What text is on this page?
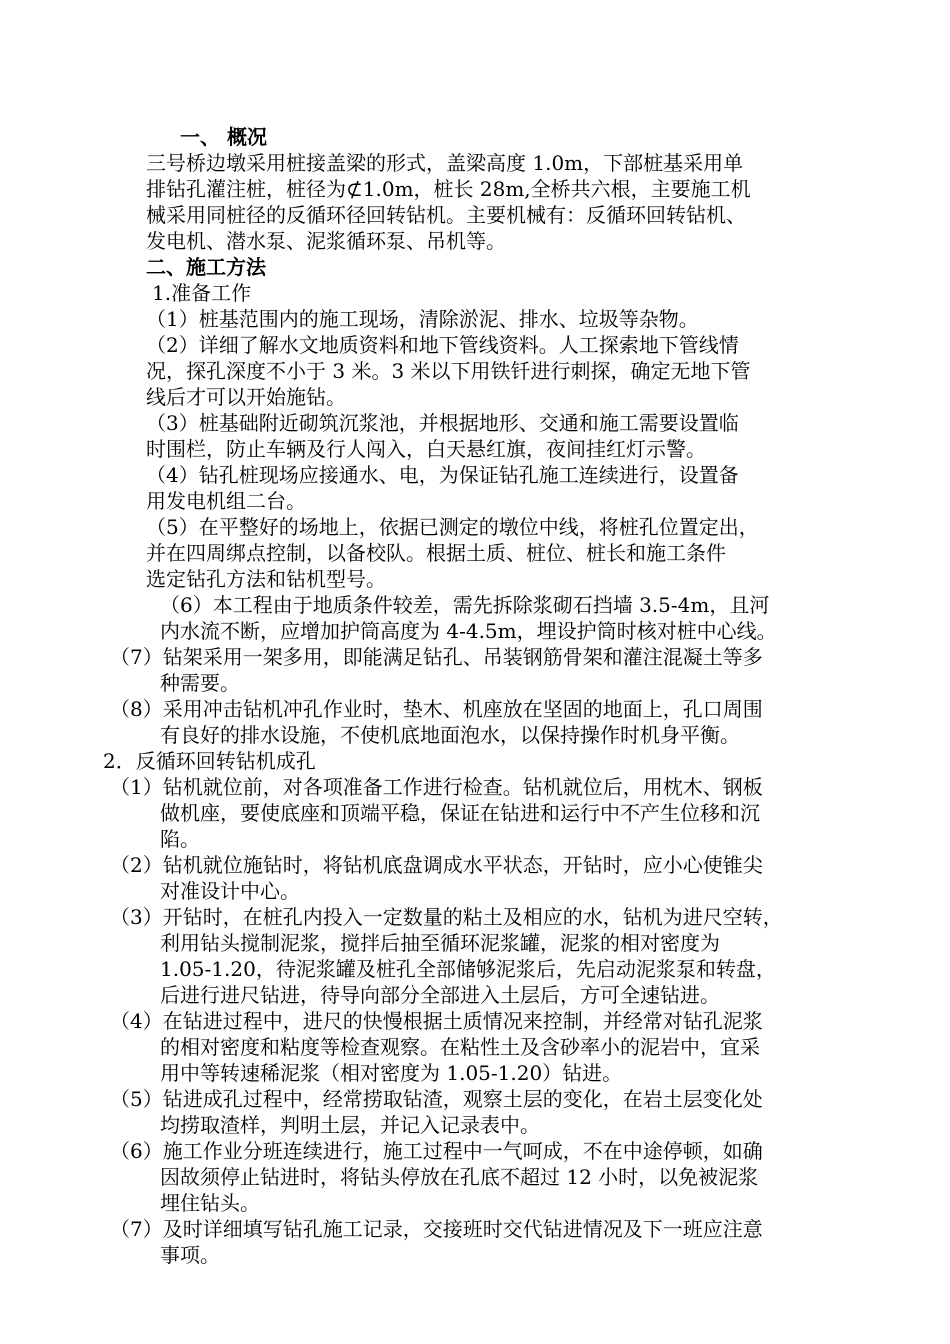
一、 概况
三号桥边墩采用桩接盖梁的形式，盖梁高度 1.0m，下部桩基采用单
排钻孔灌注桩，桩径为⊄1.0m，桩长 28m,全桥共六根，主要施工机
械采用同桩径的反循环径回转钻机。主要机械有：反循环回转钻机、
发电机、潜水泵、泥浆循环泵、吊机等。
二、施工方法
1.准备工作
（1）桩基范围内的施工现场，清除淤泥、排水、垃圾等杂物。
（2）详细了解水文地质资料和地下管线资料。人工探索地下管线情
况，探孔深度不小于 3 米。3 米以下用铁钎进行刺探，确定无地下管
线后才可以开始施钻。
（3）桩基础附近砌筑沉浆池，并根据地形、交通和施工需要设置临
时围栏，防止车辆及行人闯入，白天悬红旗，夜间挂红灯示警。
（4）钻孔桩现场应接通水、电，为保证钻孔施工连续进行，设置备
用发电机组二台。
（5）在平整好的场地上，依据已测定的墩位中线，将桩孔位置定出，
并在四周绑点控制，以备校队。根据土质、桩位、桩长和施工条件
选定钻孔方法和钻机型号。
（6）本工程由于地质条件较差，需先拆除浆砌石挡墙 3.5-4m，且河
内水流不断，应增加护筒高度为 4-4.5m，埋设护筒时核对桩中心线。
（7）钻架采用一架多用，即能满足钻孔、吊装钢筋骨架和灌注混凝土等多
种需要。
（8）采用冲击钻机冲孔作业时，垫木、机座放在坚固的地面上，孔口周围
有良好的排水设施，不使机底地面泡水，以保持操作时机身平衡。
2．反循环回转钻机成孔
（1）钻机就位前，对各项准备工作进行检查。钻机就位后，用枕木、钢板
做机座，要使底座和顶端平稳，保证在钻进和运行中不产生位移和沉
陷。
（2）钻机就位施钻时，将钻机底盘调成水平状态，开钻时，应小心使锥尖
对准设计中心。
（3）开钻时，在桩孔内投入一定数量的粘土及相应的水，钻机为进尺空转，
利用钻头搅制泥浆，搅拌后抽至循环泥浆罐，泥浆的相对密度为
1.05-1.20，待泥浆罐及桩孔全部储够泥浆后，先启动泥浆泵和转盘，
后进行进尺钻进，待导向部分全部进入土层后，方可全速钻进。
（4）在钻进过程中，进尺的快慢根据土质情况来控制，并经常对钻孔泥浆
的相对密度和粘度等检查观察。在粘性土及含砂率小的泥岩中，宜采
用中等转速稀泥浆（相对密度为 1.05-1.20）钻进。
（5）钻进成孔过程中，经常捞取钻渣，观察土层的变化，在岩土层变化处
均捞取渣样，判明土层，并记入记录表中。
（6）施工作业分班连续进行，施工过程中一气呵成，不在中途停顿，如确
因故须停止钻进时，将钻头停放在孔底不超过 12 小时，以免被泥浆
埋住钻头。
（7）及时详细填写钻孔施工记录，交接班时交代钻进情况及下一班应注意
事项。
